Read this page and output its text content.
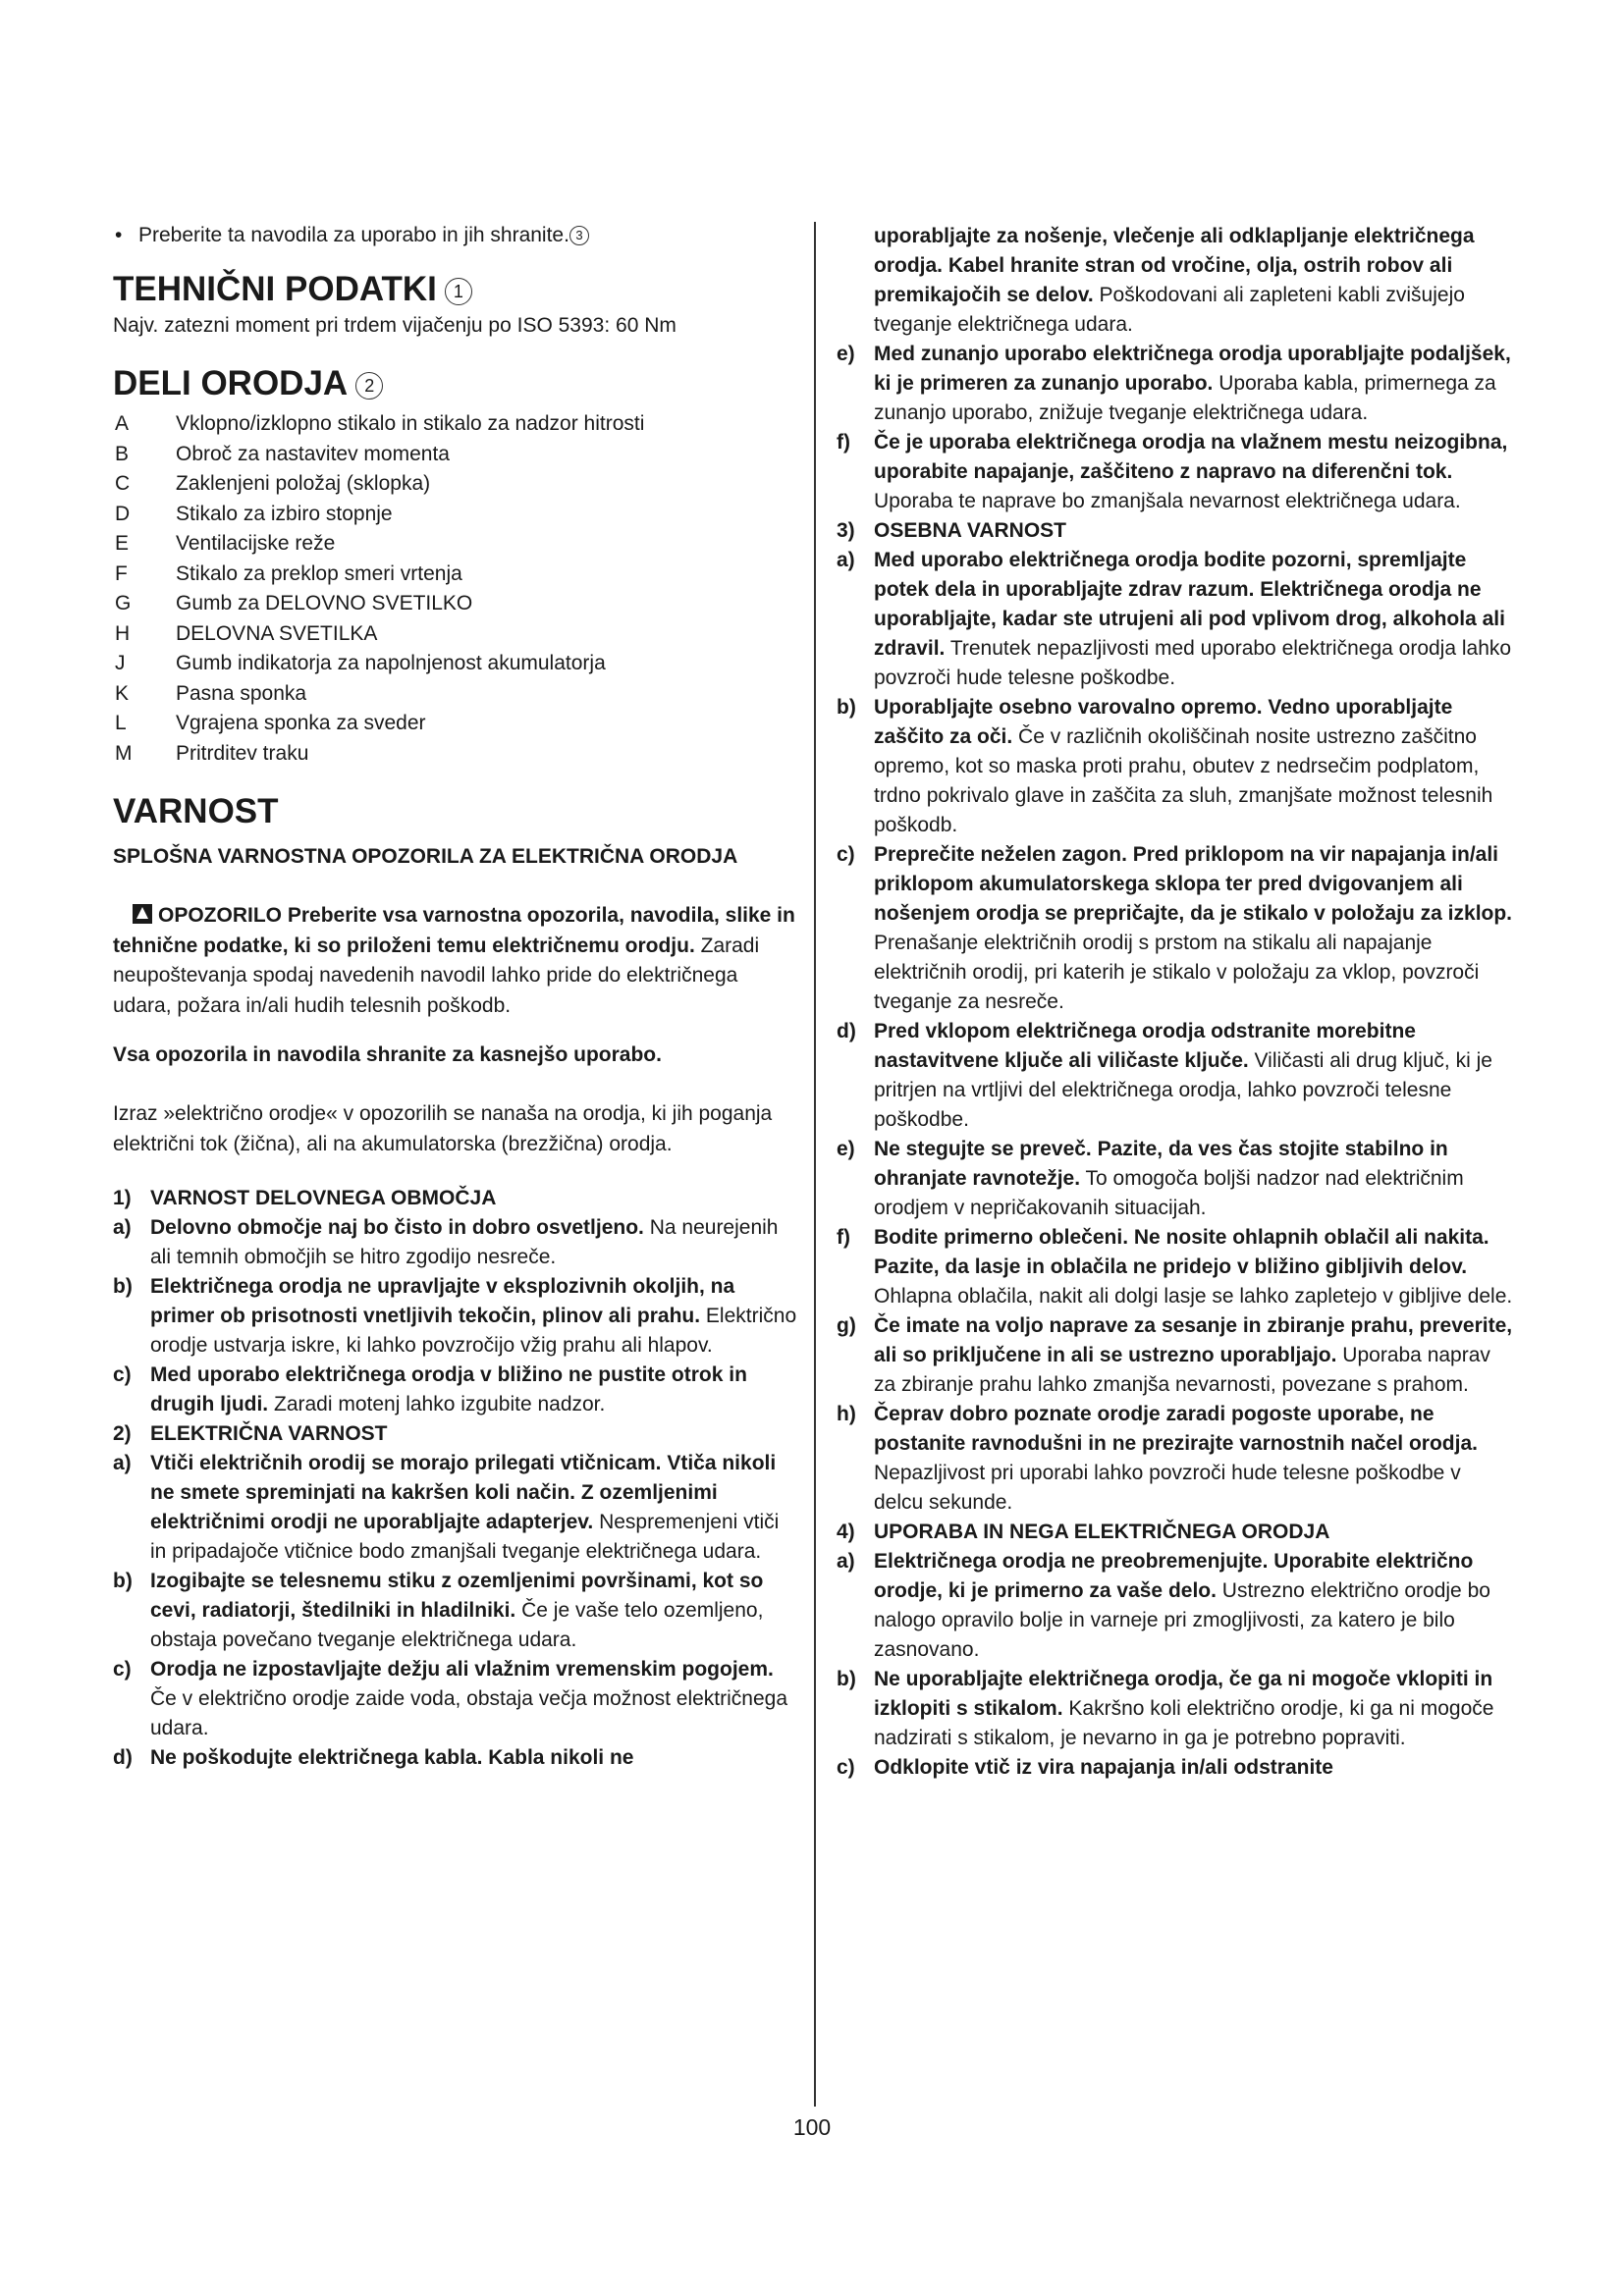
• Preberite ta navodila za uporabo in jih shranite. 3
TEHNIČNI PODATKI 1
Najv. zatezni moment pri trdem vijačenju po ISO 5393: 60 Nm
DELI ORODJA 2
A	Vklopno/izklopno stikalo in stikalo za nadzor hitrosti
B	Obroč za nastavitev momenta
C	Zaklenjeni položaj (sklopka)
D	Stikalo za izbiro stopnje
E	Ventilacijske reže
F	Stikalo za preklop smeri vrtenja
G	Gumb za DELOVNO SVETILKO
H	DELOVNA SVETILKA
J	Gumb indikatorja za napolnjenost akumulatorja
K	Pasna sponka
L	Vgrajena sponka za sveder
M	Pritrditev traku
VARNOST
SPLOŠNA VARNOSTNA OPOZORILA ZA ELEKTRIČNA ORODJA
OPOZORILO Preberite vsa varnostna opozorila, navodila, slike in tehnične podatke, ki so priloženi temu električnemu orodju. Zaradi neupoštevanja spodaj navedenih navodil lahko pride do električnega udara, požara in/ali hudih telesnih poškodb.
Vsa opozorila in navodila shranite za kasnejšo uporabo.
Izraz »električno orodje« v opozorilih se nanaša na orodja, ki jih poganja električni tok (žična), ali na akumulatorska (brezžična) orodja.
1) VARNOST DELOVNEGA OBMOČJA
a) Delovno območje naj bo čisto in dobro osvetljeno. Na neurejenih ali temnih območjih se hitro zgodijo nesreče.
b) Električnega orodja ne upravljajte v eksplozivnih okoljih, na primer ob prisotnosti vnetljivih tekočin, plinov ali prahu. Električno orodje ustvarja iskre, ki lahko povzročijo vžig prahu ali hlapov.
c) Med uporabo električnega orodja v bližino ne pustite otrok in drugih ljudi. Zaradi motenj lahko izgubite nadzor.
2) ELEKTRIČNA VARNOST
a) Vtiči električnih orodij se morajo prilegati vtičnicam. Vtiča nikoli ne smete spreminjati na kakršen koli način. Z ozemljenimi električnimi orodji ne uporabljajte adapterjev. Nespremenjeni vtiči in pripadajoče vtičnice bodo zmanjšali tveganje električnega udara.
b) Izogibajte se telesnemu stiku z ozemljenimi površinami, kot so cevi, radiatorji, štedilniki in hladilniki. Če je vaše telo ozemljeno, obstaja povečano tveganje električnega udara.
c) Orodja ne izpostavljajte dežju ali vlažnim vremenskim pogojem. Če v električno orodje zaide voda, obstaja večja možnost električnega udara.
d) Ne poškodujte električnega kabla. Kabla nikoli ne
uporabljajte za nošenje, vlečenje ali odklapljanje električnega orodja. Kabel hranite stran od vročine, olja, ostrih robov ali premikajočih se delov. Poškodovani ali zapleteni kabli zvišujejo tveganje električnega udara.
e) Med zunanjo uporabo električnega orodja uporabljajte podaljšek, ki je primeren za zunanjo uporabo. Uporaba kabla, primernega za zunanjo uporabo, znižuje tveganje električnega udara.
f)	Če je uporaba električnega orodja na vlažnem mestu neizogibna, uporabite napajanje, zaščiteno z napravo na diferenčni tok. Uporaba te naprave bo zmanjšala nevarnost električnega udara.
3) OSEBNA VARNOST
a) Med uporabo električnega orodja bodite pozorni, spremljajte potek dela in uporabljajte zdrav razum. Električnega orodja ne uporabljajte, kadar ste utrujeni ali pod vplivom drog, alkohola ali zdravil. Trenutek nepazljivosti med uporabo električnega orodja lahko povzroči hude telesne poškodbe.
b) Uporabljajte osebno varovalno opremo. Vedno uporabljajte zaščito za oči. Če v različnih okoliščinah nosite ustrezno zaščitno opremo, kot so maska proti prahu, obutev z nedrsečim podplatom, trdno pokrivalo glave in zaščita za sluh, zmanjšate možnost telesnih poškodb.
c) Preprečite neželen zagon. Pred priklopom na vir napajanja in/ali priklopom akumulatorskega sklopa ter pred dvigovanjem ali nošenjem orodja se prepričajte, da je stikalo v položaju za izklop. Prenašanje električnih orodij s prstom na stikalu ali napajanje električnih orodij, pri katerih je stikalo v položaju za vklop, povzroči tveganje za nesreče.
d) Pred vklopom električnega orodja odstranite morebitne nastavitvene ključe ali viličaste ključe. Viličasti ali drug ključ, ki je pritrjen na vrtljivi del električnega orodja, lahko povzroči telesne poškodbe.
e) Ne stegujte se preveč. Pazite, da ves čas stojite stabilno in ohranjate ravnotežje. To omogoča boljši nadzor nad električnim orodjem v nepričakovanih situacijah.
f)	Bodite primerno oblečeni. Ne nosite ohlapnih oblačil ali nakita. Pazite, da lasje in oblačila ne pridejo v bližino gibljivih delov. Ohlapna oblačila, nakit ali dolgi lasje se lahko zapletejo v gibljive dele.
g) Če imate na voljo naprave za sesanje in zbiranje prahu, preverite, ali so priključene in ali se ustrezno uporabljajo. Uporaba naprav za zbiranje prahu lahko zmanjša nevarnosti, povezane s prahom.
h) Čeprav dobro poznate orodje zaradi pogoste uporabe, ne postanite ravnodušni in ne prezirajte varnostnih načel orodja. Nepazljivost pri uporabi lahko povzroči hude telesne poškodbe v delcu sekunde.
4) UPORABA IN NEGA ELEKTRIČNEGA ORODJA
a) Električnega orodja ne preobremenjujte. Uporabite električno orodje, ki je primerno za vaše delo. Ustrezno električno orodje bo nalogo opravilo bolje in varneje pri zmogljivosti, za katero je bilo zasnovano.
b) Ne uporabljajte električnega orodja, če ga ni mogoče vklopiti in izklopiti s stikalom. Kakršno koli električno orodje, ki ga ni mogoče nadzirati s stikalom, je nevarno in ga je potrebno popraviti.
c) Odklopite vtič iz vira napajanja in/ali odstranite
100
